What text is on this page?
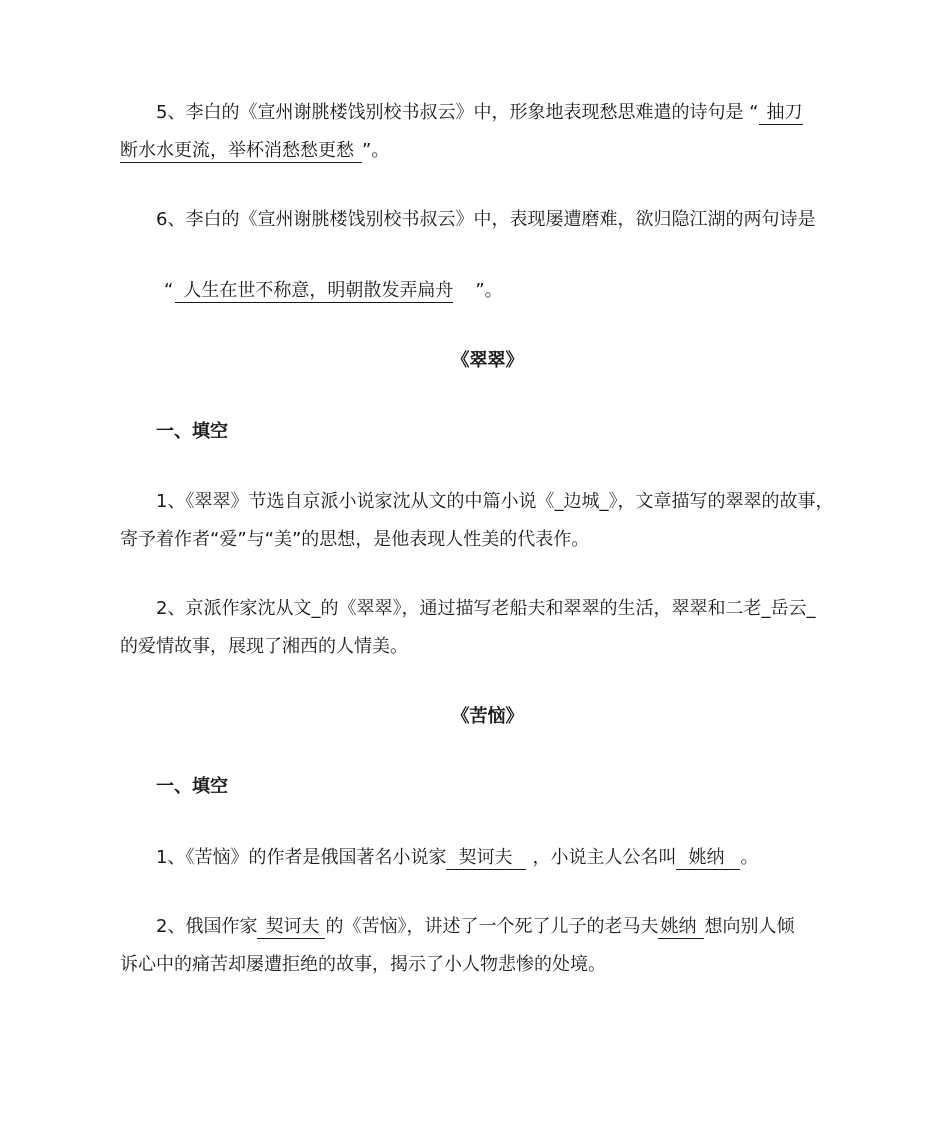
5、李白的《宣州谢朓楼饯别校书叔云》中，形象地表现愁思难遣的诗句是 “ 抽刀
断水水更流，举杯消愁愁更愁 ”。
6、李白的《宣州谢朓楼饯别校书叔云》中，表现屡遭磨难，欲归隐江湖的两句诗是
“ 人生在世不称意，明朝散发弄扁舟 ”。
《翠翠》
一、填空
1、《翠翠》节选自京派小说家沈从文的中篇小说《_边城_》，文章描写的翠翠的故事，
寄予着作者“爱”与“美”的思想，是他表现人性美的代表作。
2、京派作家沈从文_的《翠翠》，通过描写老船夫和翠翠的生活，翠翠和二老_岳云_
的爱情故事，展现了湘西的人情美。
《苦恼》
一、填空
1、《苦恼》的作者是俄国著名小说家 契诃夫 ，小说主人公名叫 姚纳 。
2、俄国作家 契诃夫 的《苦恼》，讲述了一个死了儿子的老马夫 姚纳 想向别人倾
诉心中的痛苦却屡遭拒绝的故事，揭示了小人物悲惨的处境。
